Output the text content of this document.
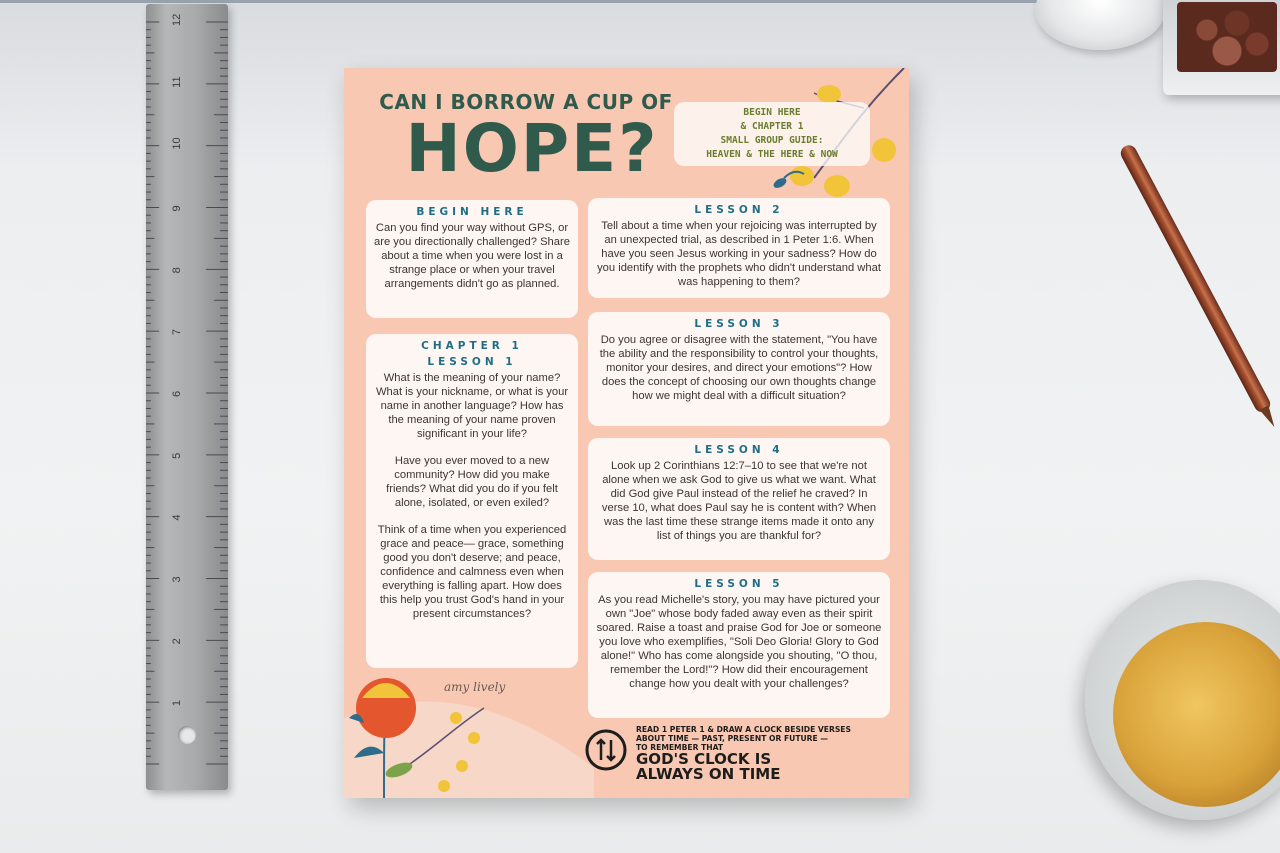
1
2
3
4
5
6
7
8
9
10
11
12
CAN I BORROW A CUP OF
HOPE?	BEGIN HERE
& CHAPTER 1
SMALL GROUP GUIDE:
HEAVEN & THE HERE & NOW
BEGIN HERE

Can you find your way without GPS, or are you directionally challenged? Share about a time when you were lost in a strange place or when your travel arrangements didn't go as planned.

CHAPTER 1
LESSON 1

What is the meaning of your name? What is your nickname, or what is your name in another language? How has the meaning of your name proven significant in your life?

Have you ever moved to a new community? How did you make friends? What did you do if you felt alone, isolated, or even exiled?

Think of a time when you experienced grace and peace— grace, something good you don't deserve; and peace, confidence and calmness even when everything is falling apart. How does this help you trust God's hand in your present circumstances?

LESSON 2

Tell about a time when your rejoicing was interrupted by an unexpected trial, as described in 1 Peter 1:6. When have you seen Jesus working in your sadness? How do you identify with the prophets who didn't understand what was happening to them?

LESSON 3

Do you agree or disagree with the statement, "You have the ability and the responsibility to control your thoughts, monitor your desires, and direct your emotions"? How does the concept of choosing our own thoughts change how we might deal with a difficult situation?

LESSON 4

Look up 2 Corinthians 12:7–10 to see that we're not alone when we ask God to give us what we want. What did God give Paul instead of the relief he craved? In verse 10, what does Paul say he is content with? When was the last time these strange items made it onto any list of things you are thankful for?

LESSON 5

As you read Michelle's story, you may have pictured your own "Joe" whose body faded away even as their spirit soared. Raise a toast and praise God for Joe or someone you love who exemplifies, "Soli Deo Gloria! Glory to God alone!" Who has come alongside you shouting, "O thou, remember the Lord!"? How did their encouragement change how you dealt with your challenges?

amy lively
READ 1 PETER 1 & DRAW A CLOCK BESIDE VERSES
ABOUT TIME — PAST, PRESENT OR FUTURE —
TO REMEMBER THAT
GOD'S CLOCK IS
ALWAYS ON TIME
